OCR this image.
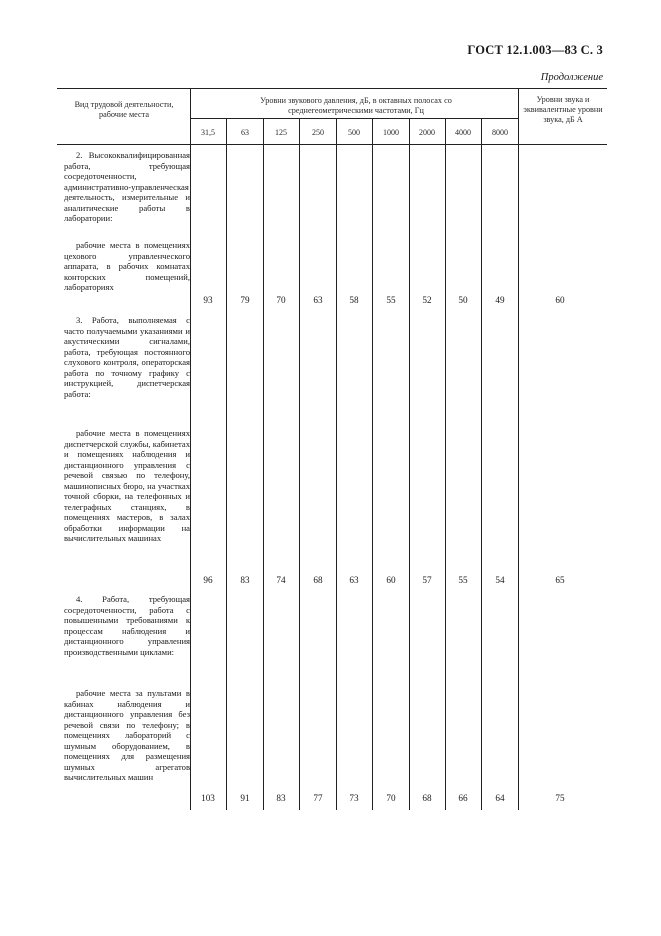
ГОСТ 12.1.003—83 С. 3
Продолжение
Вид трудовой деятельности, рабочие места
Уровни звукового давления, дБ, в октавных полосах со среднегеометрическими частотами, Гц
Уровни звука и эквивалентные уровни звука, дБ A
31,5	63	125	250	500	1000	2000	4000	8000
2. Высококвалифицированная работа, требующая сосредоточенности, административно-управленческая деятельность, измерительные и аналитические работы в лаборатории:
рабочие места в помещениях цехового управленческого аппарата, в рабочих комнатах конторских помещений, лабораториях
93	79	70	63	58	55	52	50	49	60
3. Работа, выполняемая с часто получаемыми указаниями и акустическими сигналами, работа, требующая постоянного слухового контроля, операторская работа по точному графику с инструкцией, диспетчерская работа:
рабочие места в помещениях диспетчерской службы, кабинетах и помещениях наблюдения и дистанционного управления с речевой связью по телефону, машинописных бюро, на участках точной сборки, на телефонных и телеграфных станциях, в помещениях мастеров, в залах обработки информации на вычислительных машинах
96	83	74	68	63	60	57	55	54	65
4. Работа, требующая сосредоточенности, работа с повышенными требованиями к процессам наблюдения и дистанционного управления производственными циклами:
рабочие места за пультами в кабинах наблюдения и дистанционного управления без речевой связи по телефону; в помещениях лабораторий с шумным оборудованием, в помещениях для размещения шумных агрегатов вычислительных машин
103	91	83	77	73	70	68	66	64	75
